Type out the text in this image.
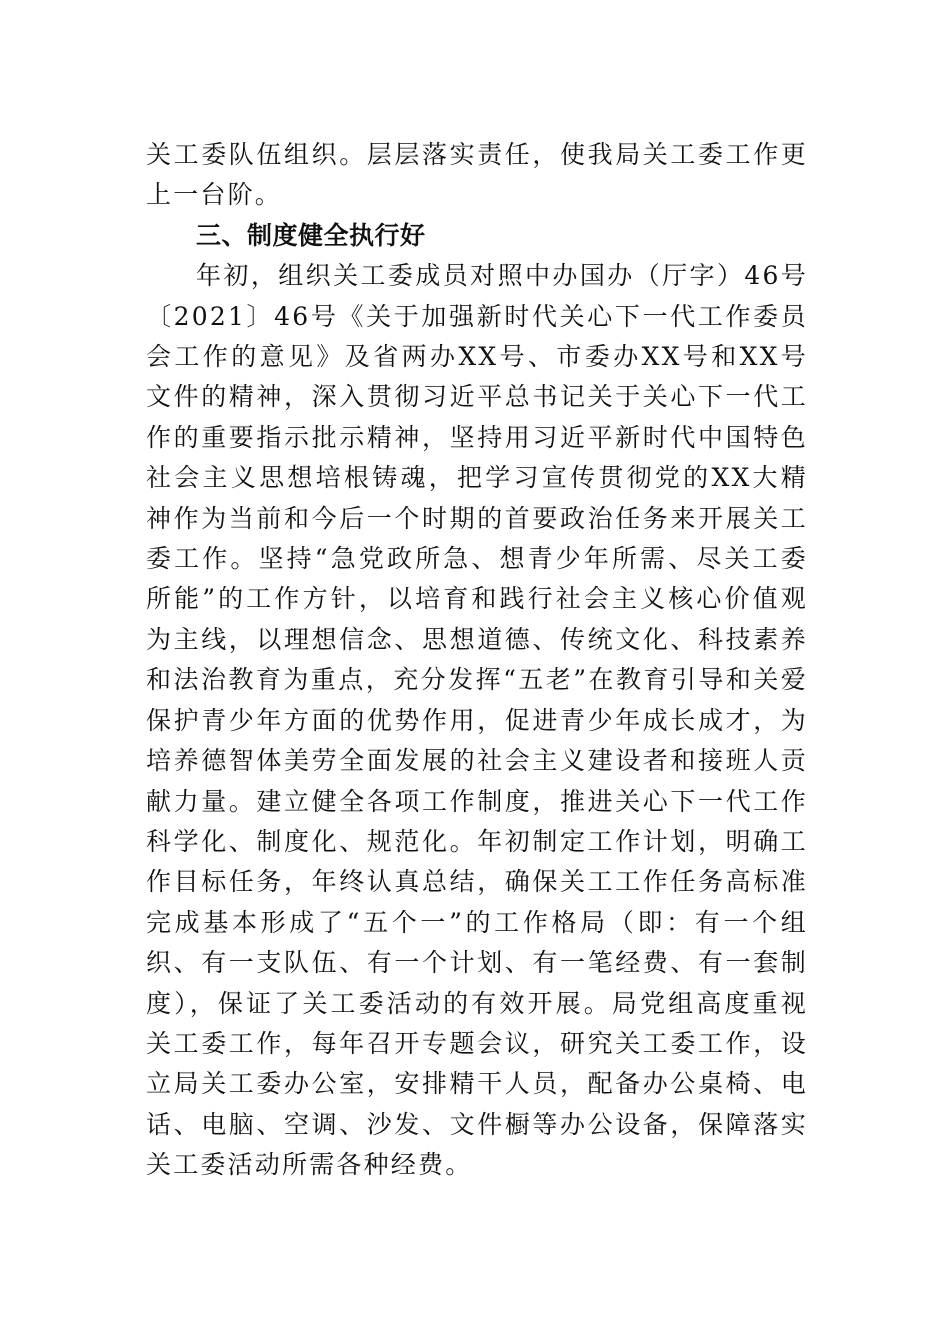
关工委队伍组织。层层落实责任，使我局关工委工作更上一台阶。

三、制度健全执行好

年初，组织关工委成员对照中办国办（厅字）46号〔2021〕46号《关于加强新时代关心下一代工作委员会工作的意见》及省两办XX号、市委办XX号和XX号文件的精神，深入贯彻习近平总书记关于关心下一代工作的重要指示批示精神，坚持用习近平新时代中国特色社会主义思想培根铸魂，把学习宣传贯彻党的XX大精神作为当前和今后一个时期的首要政治任务来开展关工委工作。坚持“急党政所急、想青少年所需、尽关工委所能”的工作方针，以培育和践行社会主义核心价值观为主线，以理想信念、思想道德、传统文化、科技素养和法治教育为重点，充分发挥“五老”在教育引导和关爱保护青少年方面的优势作用，促进青少年成长成才，为培养德智体美劳全面发展的社会主义建设者和接班人贡献力量。建立健全各项工作制度，推进关心下一代工作科学化、制度化、规范化。年初制定工作计划，明确工作目标任务，年终认真总结，确保关工工作任务高标准完成基本形成了“五个一”的工作格局（即：有一个组织、有一支队伍、有一个计划、有一笔经费、有一套制度），保证了关工委活动的有效开展。局党组高度重视关工委工作，每年召开专题会议，研究关工委工作，设立局关工委办公室，安排精干人员，配备办公桌椅、电话、电脑、空调、沙发、文件橱等办公设备，保障落实关工委活动所需各种经费。
